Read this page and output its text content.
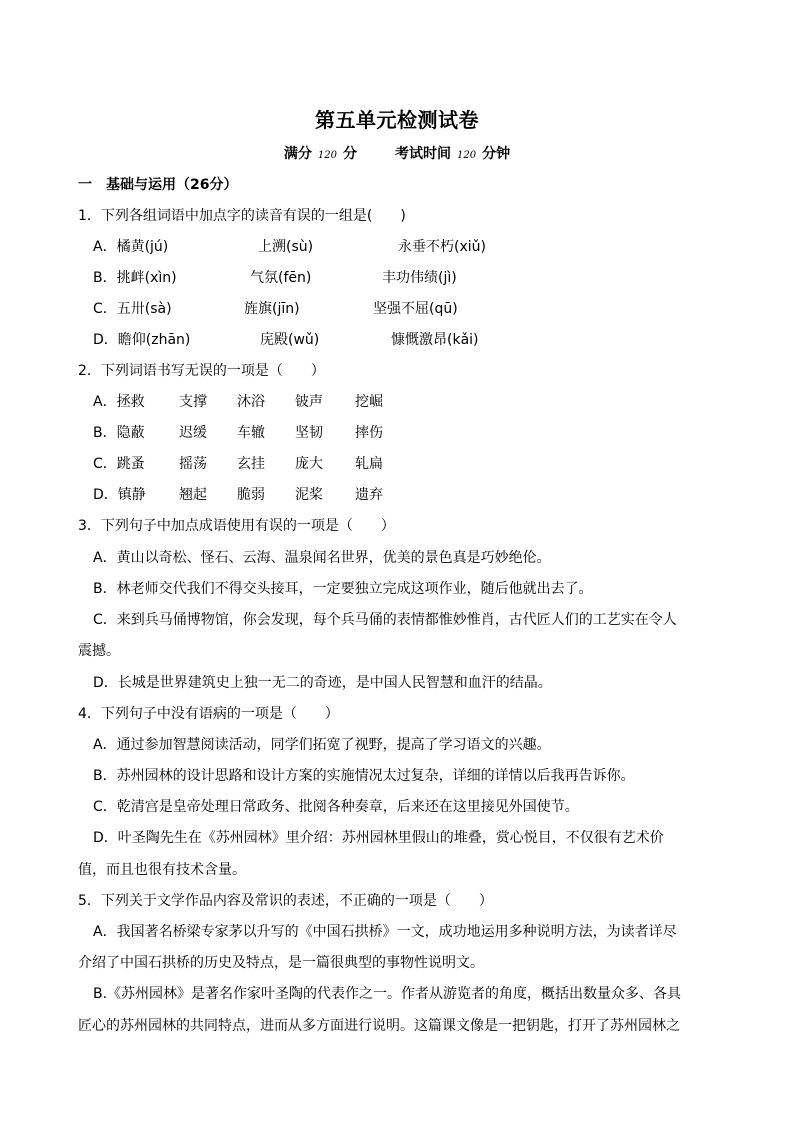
第五单元检测试卷
满分 120 分	考试时间 120 分钟
一　基础与运用（26分）
1．下列各组词语中加点字的读音有误的一组是(　　)
A．橘黄(jú)	上溯(sù)	永垂不朽(xiǔ)
B．挑衅(xìn)	气氛(fēn)	丰功伟绩(jì)
C．五卅(sà)	旌旗(jīn)	坚强不屈(qū)
D．瞻仰(zhān)	庑殿(wǔ)	慷慨激昂(kǎi)
2．下列词语书写无误的一项是（　　）
A．拯救	支撑	沐浴	铍声	挖崛
B．隐蔽	迟缓	车辙	坚韧	摔伤
C．跳蚤	摇荡	玄挂	庞大	轧扁
D．镇静	翘起	脆弱	泥桨	遗弃
3．下列句子中加点成语使用有误的一项是（　　）
A．黄山以奇松、怪石、云海、温泉闻名世界，优美的景色真是巧妙绝伦。
B．林老师交代我们不得交头接耳，一定要独立完成这项作业，随后他就出去了。
C．来到兵马俑博物馆，你会发现，每个兵马俑的表情都惟妙惟肖，古代匠人们的工艺实在令人
震撼。
D．长城是世界建筑史上独一无二的奇迹，是中国人民智慧和血汗的结晶。
4．下列句子中没有语病的一项是（　　）
A．通过参加智慧阅读活动，同学们拓宽了视野，提高了学习语文的兴趣。
B．苏州园林的设计思路和设计方案的实施情况太过复杂，详细的详情以后我再告诉你。
C．乾清宫是皇帝处理日常政务、批阅各种奏章，后来还在这里接见外国使节。
D．叶圣陶先生在《苏州园林》里介绍：苏州园林里假山的堆叠，赏心悦目，不仅很有艺术价
值，而且也很有技术含量。
5．下列关于文学作品内容及常识的表述，不正确的一项是（　　）
A．我国著名桥梁专家茅以升写的《中国石拱桥》一文，成功地运用多种说明方法，为读者详尽
介绍了中国石拱桥的历史及特点，是一篇很典型的事物性说明文。
B.《苏州园林》是著名作家叶圣陶的代表作之一。作者从游览者的角度，概括出数量众多、各具
匠心的苏州园林的共同特点，进而从多方面进行说明。这篇课文像是一把钥匙，打开了苏州园林之
